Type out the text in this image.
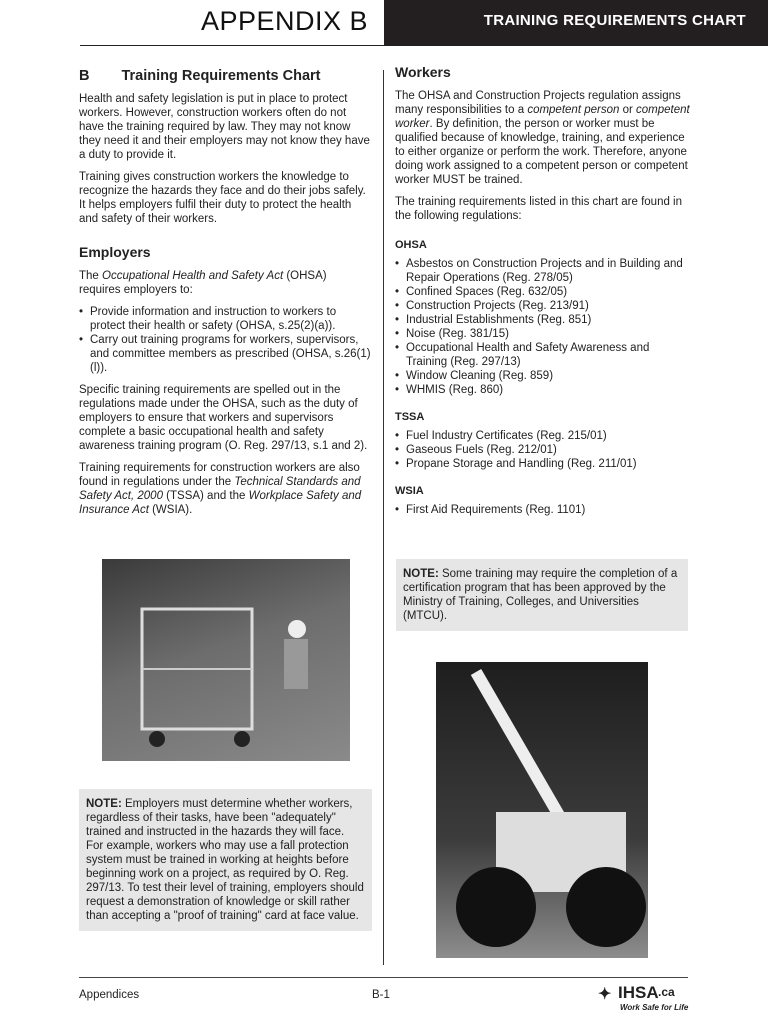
APPENDIX B	TRAINING REQUIREMENTS CHART
B Training Requirements Chart

Health and safety legislation is put in place to protect workers. However, construction workers often do not have the training required by law. They may not know they need it and their employers may not know they have a duty to provide it.

Training gives construction workers the knowledge to recognize the hazards they face and do their jobs safely. It helps employers fulfil their duty to protect the health and safety of their workers.

Employers

The Occupational Health and Safety Act (OHSA) requires employers to:

• Provide information and instruction to workers to protect their health or safety (OHSA, s.25(2)(a)).
• Carry out training programs for workers, supervisors, and committee members as prescribed (OHSA, s.26(1)(l)).

Specific training requirements are spelled out in the regulations made under the OHSA, such as the duty of employers to ensure that workers and supervisors complete a basic occupational health and safety awareness training program (O. Reg. 297/13, s.1 and 2).

Training requirements for construction workers are also found in regulations under the Technical Standards and Safety Act, 2000 (TSSA) and the Workplace Safety and Insurance Act (WSIA).

NOTE: Employers must determine whether workers, regardless of their tasks, have been "adequately" trained and instructed in the hazards they will face. For example, workers who may use a fall protection system must be trained in working at heights before beginning work on a project, as required by O. Reg. 297/13. To test their level of training, employers should request a demonstration of knowledge or skill rather than accepting a "proof of training" card at face value.

Workers

The OHSA and Construction Projects regulation assigns many responsibilities to a competent person or competent worker. By definition, the person or worker must be qualified because of knowledge, training, and experience to either organize or perform the work. Therefore, anyone doing work assigned to a competent person or competent worker MUST be trained.

The training requirements listed in this chart are found in the following regulations:

OHSA
• Asbestos on Construction Projects and in Building and Repair Operations (Reg. 278/05)
• Confined Spaces (Reg. 632/05)
• Construction Projects (Reg. 213/91)
• Industrial Establishments (Reg. 851)
• Noise (Reg. 381/15)
• Occupational Health and Safety Awareness and Training (Reg. 297/13)
• Window Cleaning (Reg. 859)
• WHMIS (Reg. 860)
TSSA
• Fuel Industry Certificates (Reg. 215/01)
• Gaseous Fuels (Reg. 212/01)
• Propane Storage and Handling (Reg. 211/01)
WSIA
• First Aid Requirements (Reg. 1101)

NOTE: Some training may require the completion of a certification program that has been approved by the Ministry of Training, Colleges, and Universities (MTCU).

Appendices	B-1	✦ IHSA .ca
Work Safe for Life
